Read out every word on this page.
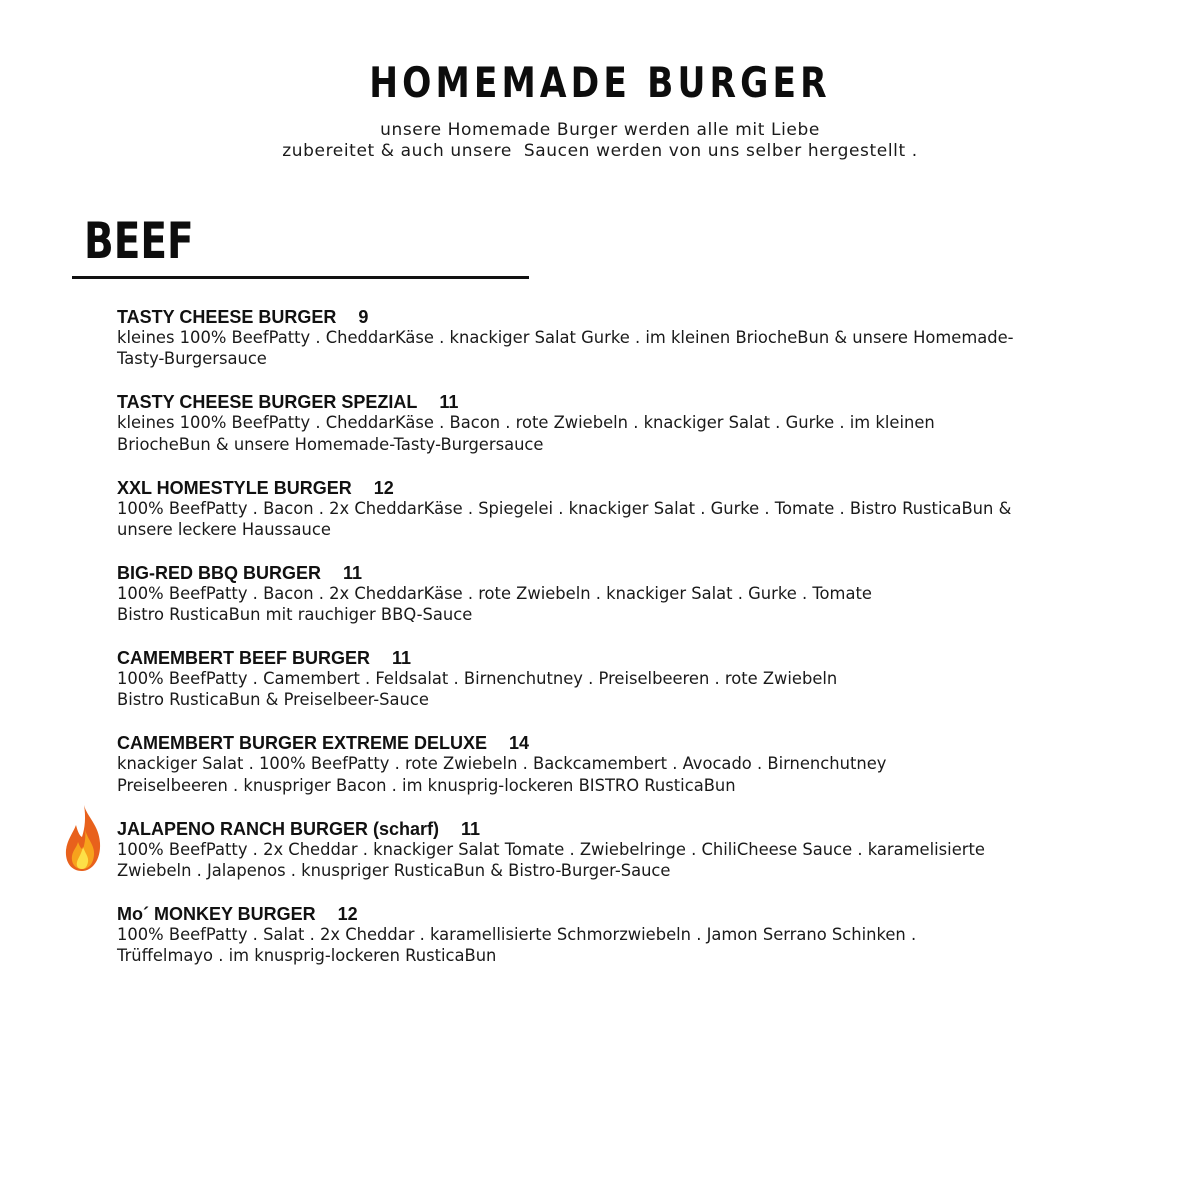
HOMEMADE BURGER
unsere Homemade Burger werden alle mit Liebe
zubereitet & auch unsere  Saucen werden von uns selber hergestellt .
BEEF
TASTY CHEESE BURGER 9
kleines 100% BeefPatty . CheddarKäse . knackiger Salat Gurke . im kleinen BriocheBun & unsere Homemade-
Tasty-Burgersauce
TASTY CHEESE BURGER SPEZIAL 11
kleines 100% BeefPatty . CheddarKäse . Bacon . rote Zwiebeln . knackiger Salat . Gurke . im kleinen
BriocheBun & unsere Homemade-Tasty-Burgersauce
XXL HOMESTYLE BURGER 12
100% BeefPatty . Bacon . 2x CheddarKäse . Spiegelei . knackiger Salat . Gurke . Tomate . Bistro RusticaBun &
unsere leckere Haussauce
BIG-RED BBQ BURGER 11
100% BeefPatty . Bacon . 2x CheddarKäse . rote Zwiebeln . knackiger Salat . Gurke . Tomate
Bistro RusticaBun mit rauchiger BBQ-Sauce
CAMEMBERT BEEF BURGER 11
100% BeefPatty . Camembert . Feldsalat . Birnenchutney . Preiselbeeren . rote Zwiebeln
Bistro RusticaBun & Preiselbeer-Sauce
CAMEMBERT BURGER EXTREME DELUXE 14
knackiger Salat . 100% BeefPatty . rote Zwiebeln . Backcamembert . Avocado . Birnenchutney
Preiselbeeren . knuspriger Bacon . im knusprig-lockeren BISTRO RusticaBun
JALAPENO RANCH BURGER (scharf) 11
100% BeefPatty . 2x Cheddar . knackiger Salat Tomate . Zwiebelringe . ChiliCheese Sauce . karamelisierte
Zwiebeln . Jalapenos . knuspriger RusticaBun & Bistro-Burger-Sauce
Mo´ MONKEY BURGER 12
100% BeefPatty . Salat . 2x Cheddar . karamellisierte Schmorzwiebeln . Jamon Serrano Schinken .
Trüffelmayo . im knusprig-lockeren RusticaBun
